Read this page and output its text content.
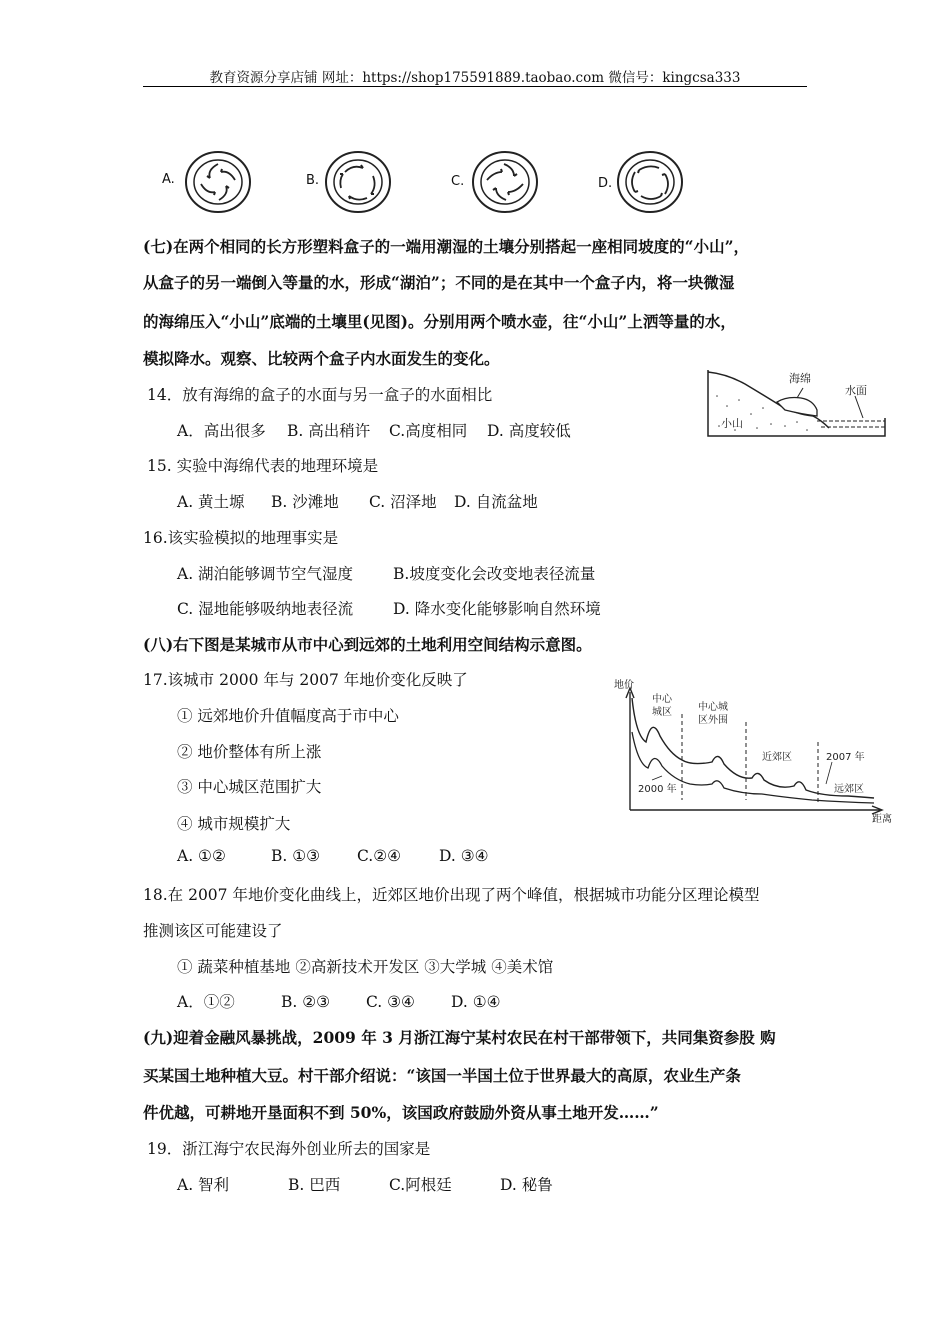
教育资源分享店铺 网址：https://shop175591889.taobao.com 微信号：kingcsa333
A.	B.	C.	D.
(七)在两个相同的长方形塑料盒子的一端用潮湿的土壤分别搭起一座相同坡度的“小山”，
从盒子的另一端倒入等量的水，形成“湖泊”；不同的是在其中一个盒子内，将一块微湿
的海绵压入“小山”底端的土壤里(见图)。分别用两个喷水壶，往“小山”上洒等量的水，
模拟降水。观察、比较两个盒子内水面发生的变化。
海绵
水面
小山
14．放有海绵的盒子的水面与另一盒子的水面相比
A．高出很多 B. 高出稍许 C.高度相同 D. 高度较低
15. 实验中海绵代表的地理环境是
A. 黄土塬 B. 沙滩地 C. 沼泽地 D. 自流盆地
16.该实验模拟的地理事实是
A. 湖泊能够调节空气湿度	B.坡度变化会改变地表径流量
C. 湿地能够吸纳地表径流	D. 降水变化能够影响自然环境
(八)右下图是某城市从市中心到远郊的土地利用空间结构示意图。
地价
距离
中心
城区	中心城
区外围
近郊区
远郊区
2000 年
2007 年
17.该城市 2000 年与 2007 年地价变化反映了
① 远郊地价升值幅度高于市中心
② 地价整体有所上涨
③ 中心城区范围扩大
④ 城市规模扩大
A. ①②	B. ①③ C.②④ D. ③④
18.在 2007 年地价变化曲线上，近郊区地价出现了两个峰值，根据城市功能分区理论模型
推测该区可能建设了
① 蔬菜种植基地 ②高新技术开发区 ③大学城 ④美术馆
A．①②	B. ②③ C. ③④ D. ①④
(九)迎着金融风暴挑战，2009 年 3 月浙江海宁某村农民在村干部带领下，共同集资参股 购
买某国土地种植大豆。村干部介绍说：“该国一半国土位于世界最大的高原，农业生产条
件优越，可耕地开垦面积不到 50%，该国政府鼓励外资从事土地开发……”
19．浙江海宁农民海外创业所去的国家是
A. 智利	B. 巴西	C.阿根廷	D. 秘鲁
